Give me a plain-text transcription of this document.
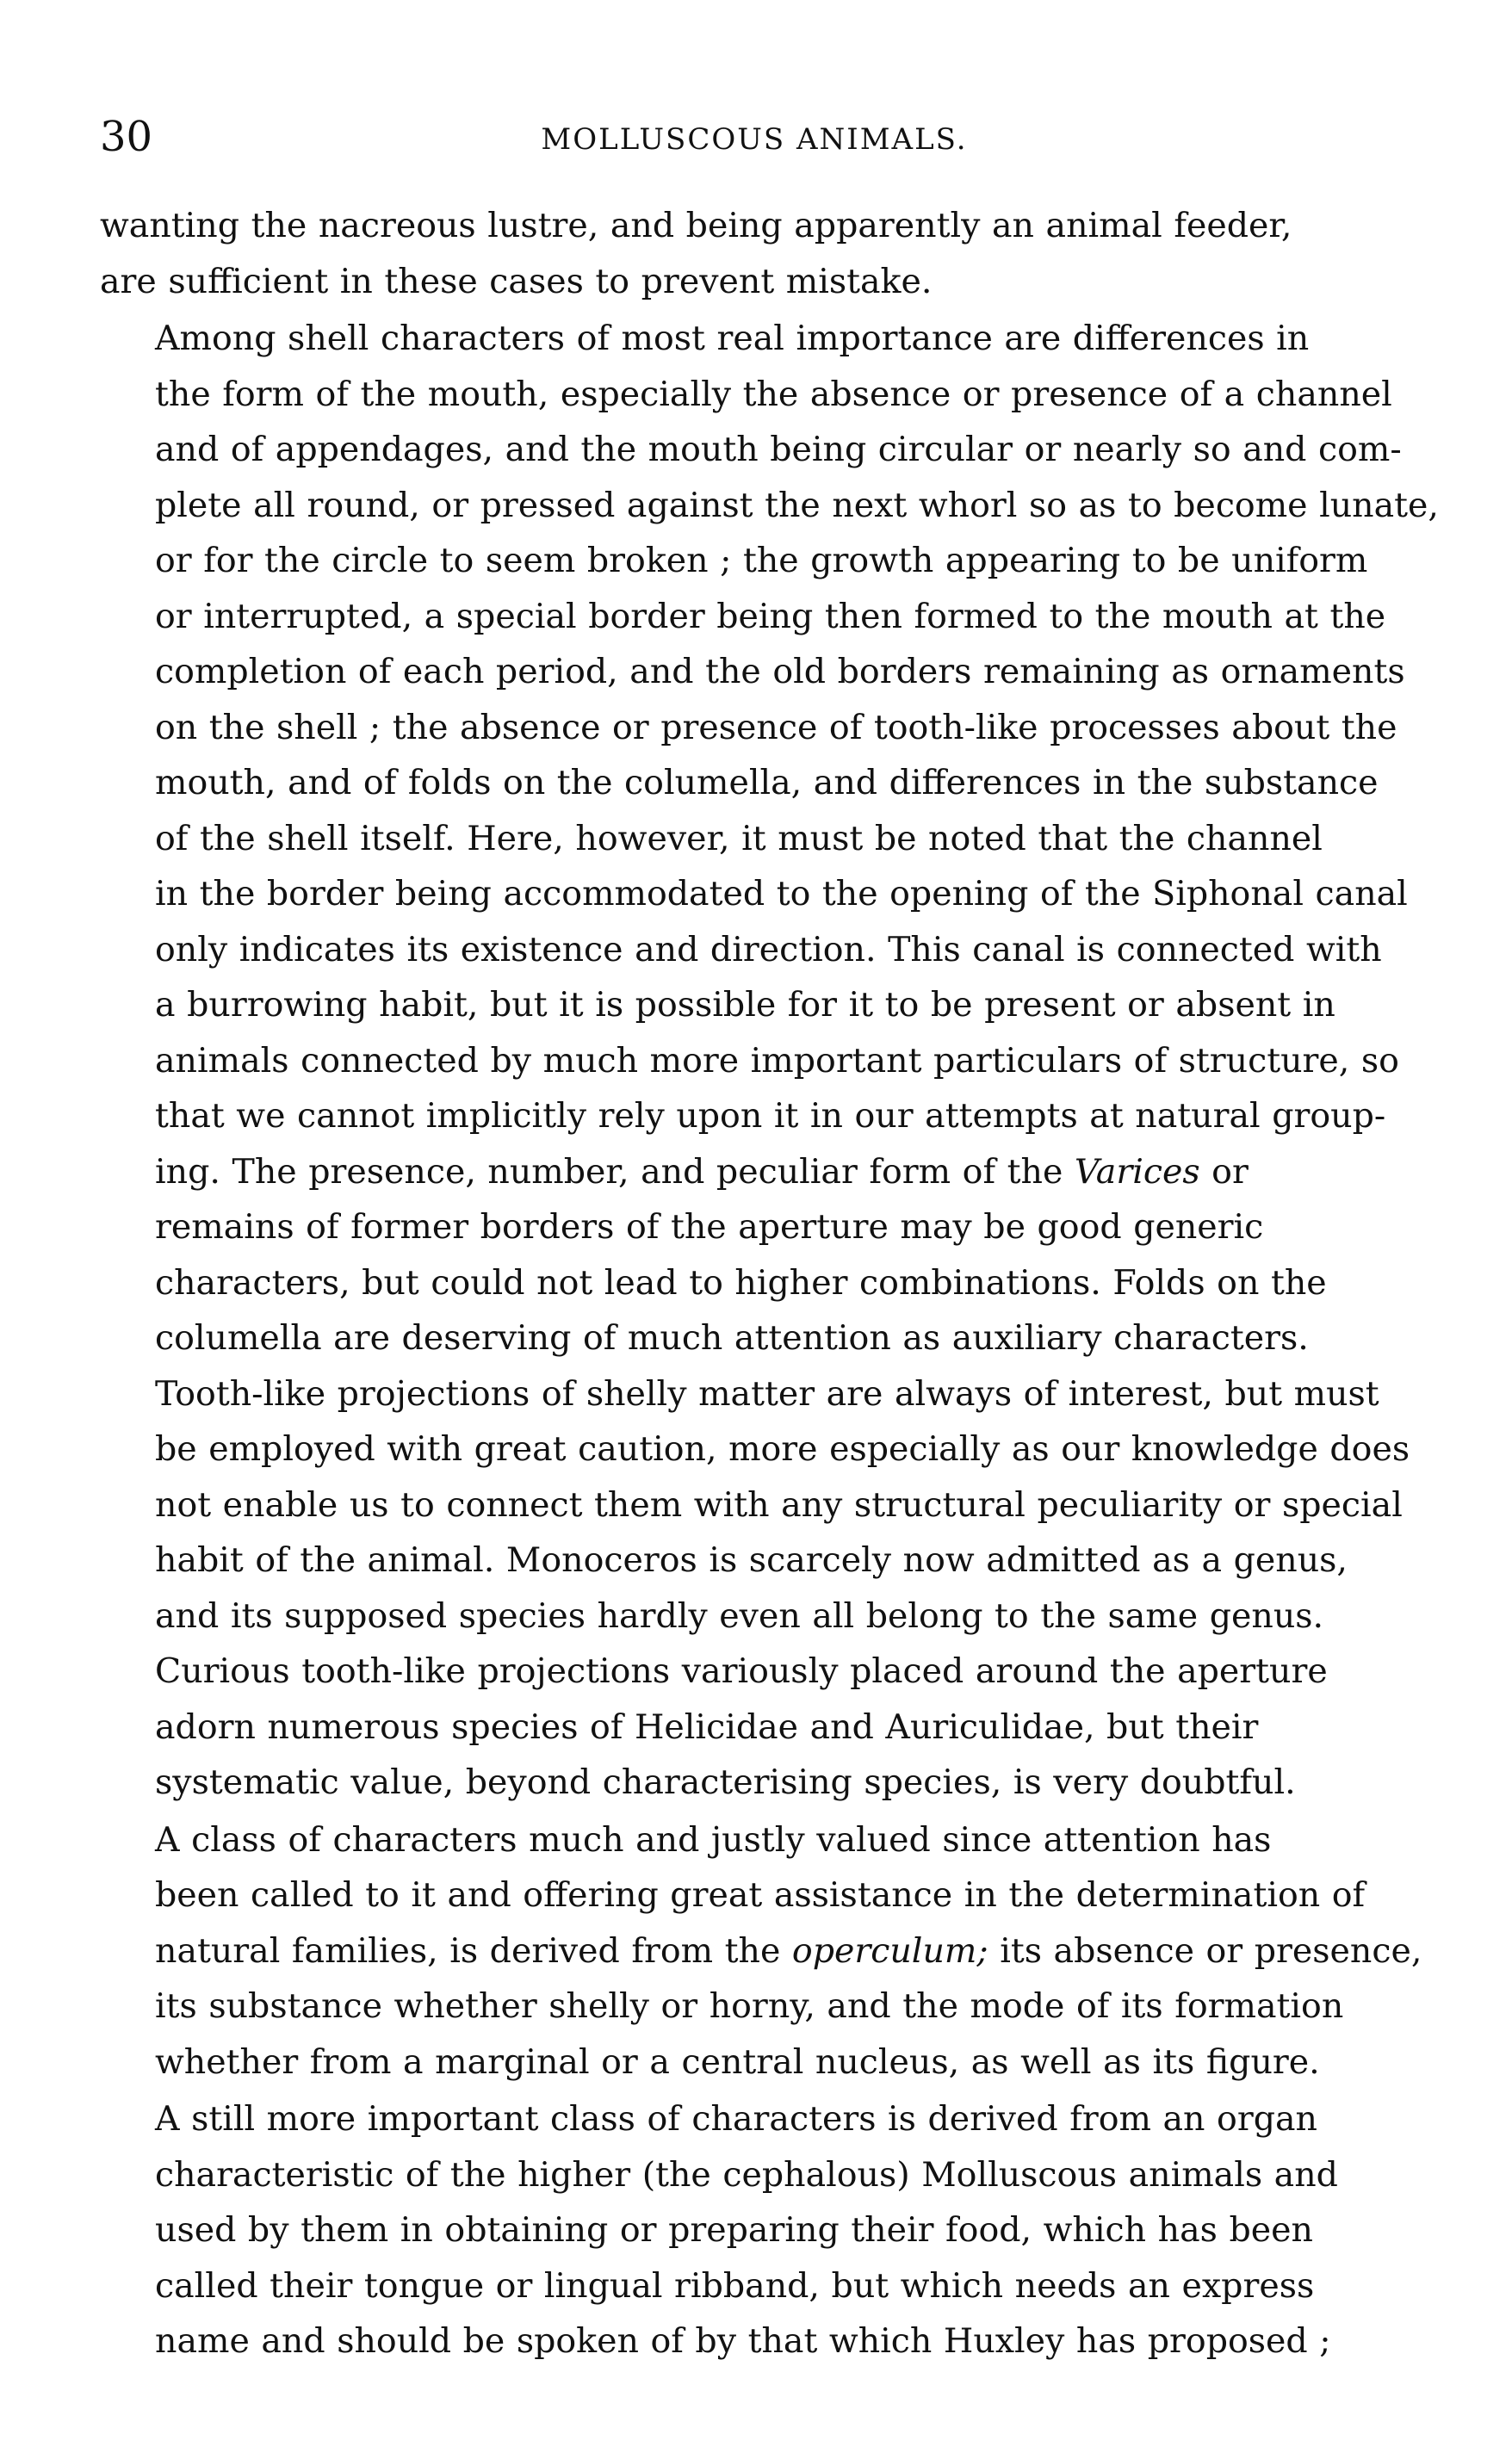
30	MOLLUSCOUS ANIMALS.

wanting the nacreous lustre, and being apparently an animal feeder,
are sufficient in these cases to prevent mistake.

Among shell characters of most real importance are differences in
the form of the mouth, especially the absence or presence of a channel
and of appendages, and the mouth being circular or nearly so and com-
plete all round, or pressed against the next whorl so as to become lunate,
or for the circle to seem broken ; the growth appearing to be uniform
or interrupted, a special border being then formed to the mouth at the
completion of each period, and the old borders remaining as ornaments
on the shell ; the absence or presence of tooth-like processes about the
mouth, and of folds on the columella, and differences in the substance
of the shell itself. Here, however, it must be noted that the channel
in the border being accommodated to the opening of the Siphonal canal
only indicates its existence and direction. This canal is connected with
a burrowing habit, but it is possible for it to be present or absent in
animals connected by much more important particulars of structure, so
that we cannot implicitly rely upon it in our attempts at natural group-
ing. The presence, number, and peculiar form of the Varices or
remains of former borders of the aperture may be good generic
characters, but could not lead to higher combinations. Folds on the
columella are deserving of much attention as auxiliary characters.
Tooth-like projections of shelly matter are always of interest, but must
be employed with great caution, more especially as our knowledge does
not enable us to connect them with any structural peculiarity or special
habit of the animal. Monoceros is scarcely now admitted as a genus,
and its supposed species hardly even all belong to the same genus.
Curious tooth-like projections variously placed around the aperture
adorn numerous species of Helicidae and Auriculidae, but their
systematic value, beyond characterising species, is very doubtful.

A class of characters much and justly valued since attention has
been called to it and offering great assistance in the determination of
natural families, is derived from the operculum; its absence or presence,
its substance whether shelly or horny, and the mode of its formation
whether from a marginal or a central nucleus, as well as its figure.

A still more important class of characters is derived from an organ
characteristic of the higher (the cephalous) Molluscous animals and
used by them in obtaining or preparing their food, which has been
called their tongue or lingual ribband, but which needs an express
name and should be spoken of by that which Huxley has proposed ;
